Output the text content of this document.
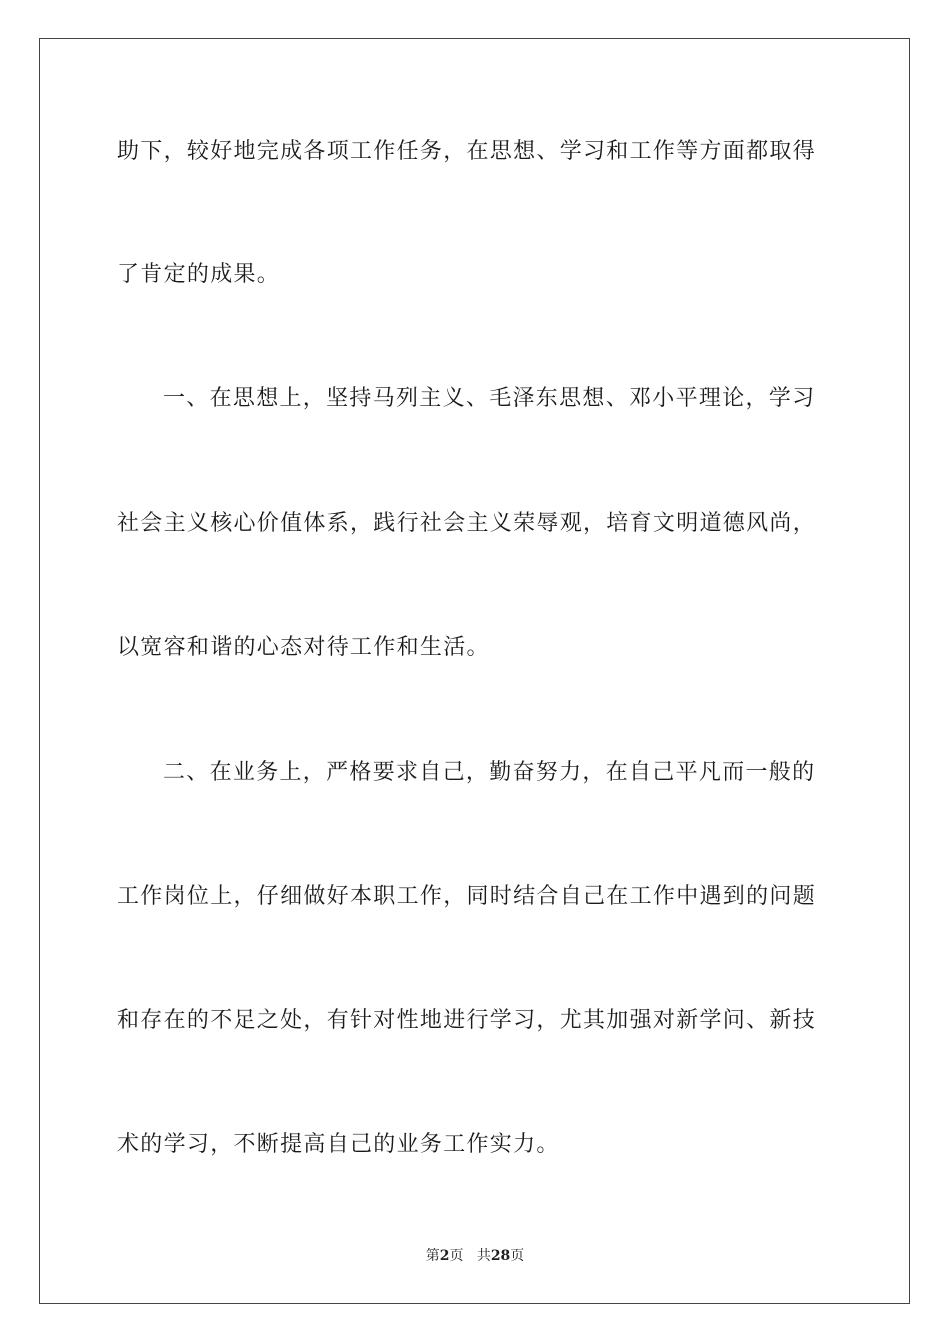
助下，较好地完成各项工作任务，在思想、学习和工作等方面都取得
了肯定的成果。
一、在思想上，坚持马列主义、毛泽东思想、邓小平理论，学习
社会主义核心价值体系，践行社会主义荣辱观，培育文明道德风尚，
以宽容和谐的心态对待工作和生活。
二、在业务上，严格要求自己，勤奋努力，在自己平凡而一般的
工作岗位上，仔细做好本职工作，同时结合自己在工作中遇到的问题
和存在的不足之处，有针对性地进行学习，尤其加强对新学问、新技
术的学习，不断提高自己的业务工作实力。
第2页 共28页
